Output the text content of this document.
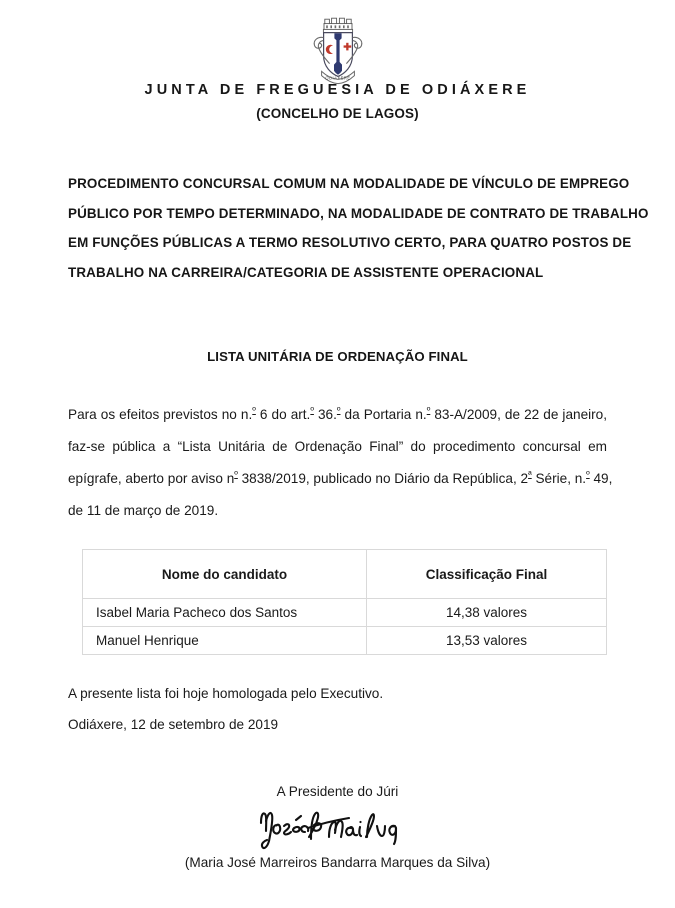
ODIÁXERE
JUNTA DE FREGUESIA DE ODIÁXERE
(CONCELHO DE LAGOS)
PROCEDIMENTO CONCURSAL COMUM NA MODALIDADE DE VÍNCULO DE EMPREGO
PÚBLICO POR TEMPO DETERMINADO, NA MODALIDADE DE CONTRATO DE TRABALHO
EM FUNÇÕES PÚBLICAS A TERMO RESOLUTIVO CERTO, PARA QUATRO POSTOS DE
TRABALHO NA CARREIRA/CATEGORIA DE ASSISTENTE OPERACIONAL
LISTA UNITÁRIA DE ORDENAÇÃO FINAL
Para os efeitos previstos no n.$^º$ 6 do art.$^º$ 36.$^º$ da Portaria n.$^º$ 83-A/2009, de 22 de janeiro,
faz-se pública a “Lista Unitária de Ordenação Final” do procedimento concursal em
epígrafe, aberto por aviso $n^º$ 3838/2019, publicado no Diário da República, $2^ª$ Série, n.$^º$ 49,
de 11 de março de 2019.
Nome do candidato	Classificação Final
Isabel Maria Pacheco dos Santos	14,38 valores
Manuel Henrique	13,53 valores
A presente lista foi hoje homologada pelo Executivo.
Odiáxere, 12 de setembro de 2019
A Presidente do Júri
(Maria José Marreiros Bandarra Marques da Silva)
